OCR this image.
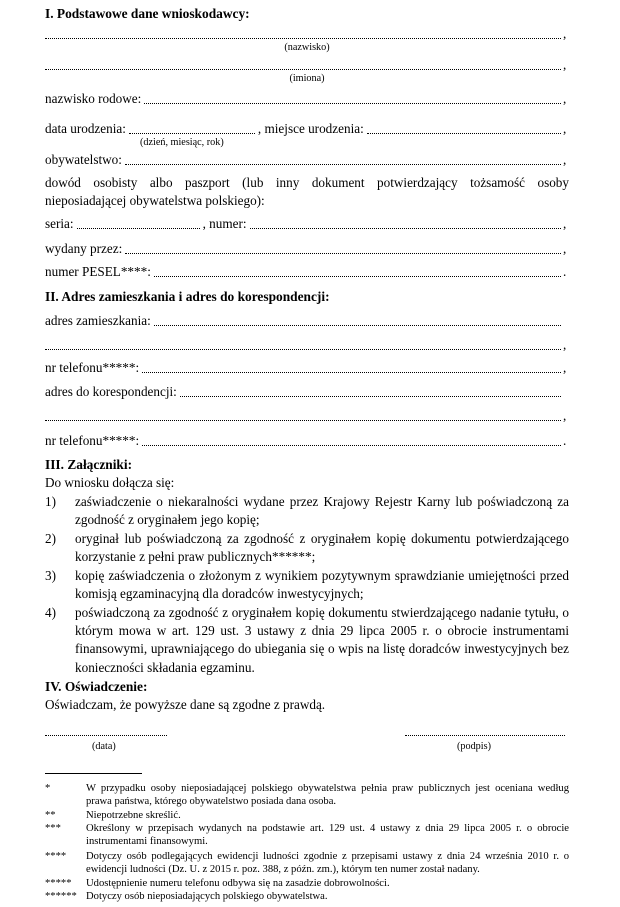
I. Podstawowe dane wnioskodawcy:
,
(nazwisko)
,
(imiona)
nazwisko rodowe:	,
data urodzenia:	, miejsce urodzenia:	,
(dzień, miesiąc, rok)
obywatelstwo:	,
dowód osobisty albo paszport (lub inny dokument potwierdzający tożsamość osoby nieposiadającej obywatelstwa polskiego):
seria:	, numer:	,
wydany przez:	,
numer PESEL****:	.
II. Adres zamieszkania i adres do korespondencji:
adres zamieszkania:
,
nr telefonu*****:	,
adres do korespondencji:
,
nr telefonu*****:	.
III. Załączniki:
Do wniosku dołącza się:
1) zaświadczenie o niekaralności wydane przez Krajowy Rejestr Karny lub poświadczoną za zgodność z oryginałem jego kopię;
2) oryginał lub poświadczoną za zgodność z oryginałem kopię dokumentu potwierdzającego korzystanie z pełni praw publicznych******;
3) kopię zaświadczenia o złożonym z wynikiem pozytywnym sprawdzianie umiejętności przed komisją egzaminacyjną dla doradców inwestycyjnych;
4) poświadczoną za zgodność z oryginałem kopię dokumentu stwierdzającego nadanie tytułu, o którym mowa w art. 129 ust. 3 ustawy z dnia 29 lipca 2005 r. o obrocie instrumentami finansowymi, uprawniającego do ubiegania się o wpis na listę doradców inwestycyjnych bez konieczności składania egzaminu.
IV. Oświadczenie:
Oświadczam, że powyższe dane są zgodne z prawdą.
(data)	(podpis)
*	W przypadku osoby nieposiadającej polskiego obywatelstwa pełnia praw publicznych jest oceniana według prawa państwa, którego obywatelstwo posiada dana osoba.
**	Niepotrzebne skreślić.
*** Określony w przepisach wydanych na podstawie art. 129 ust. 4 ustawy z dnia 29 lipca 2005 r. o obrocie instrumentami finansowymi.
**** Dotyczy osób podlegających ewidencji ludności zgodnie z przepisami ustawy z dnia 24 września 2010 r. o ewidencji ludności (Dz. U. z 2015 r. poz. 388, z późn. zm.), którym ten numer został nadany.
***** Udostępnienie numeru telefonu odbywa się na zasadzie dobrowolności.
****** Dotyczy osób nieposiadających polskiego obywatelstwa.
